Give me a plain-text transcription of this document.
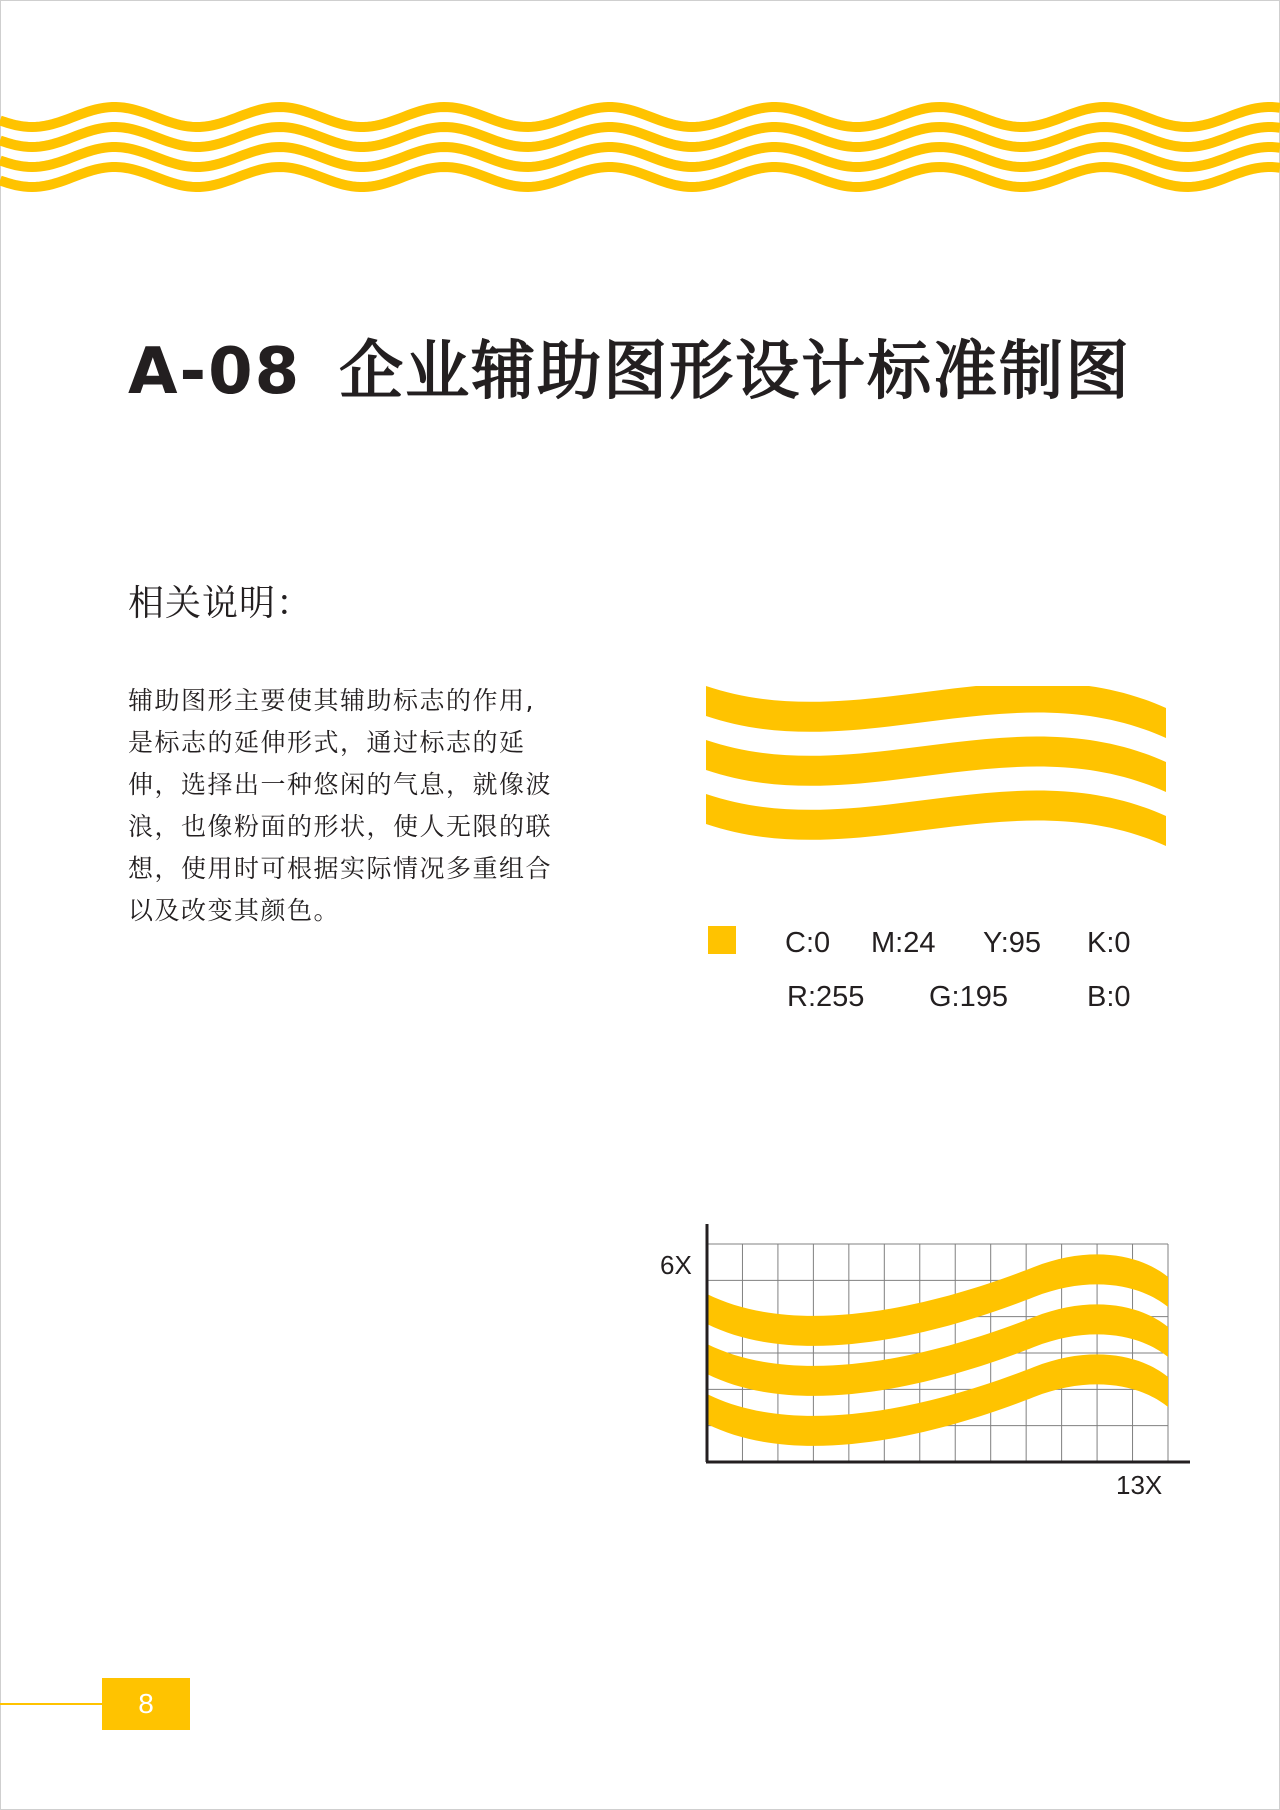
A-08 企业辅助图形设计标准制图
相关说明：

辅助图形主要使其辅助标志的作用,
是标志的延伸形式，通过标志的延
伸，选择出一种悠闲的气息，就像波
浪，也像粉面的形状，使人无限的联
想，使用时可根据实际情况多重组合
以及改变其颜色。

C:0 M:24 Y:95 K:0
R:255 G:195	B:0
6X
13X
8
